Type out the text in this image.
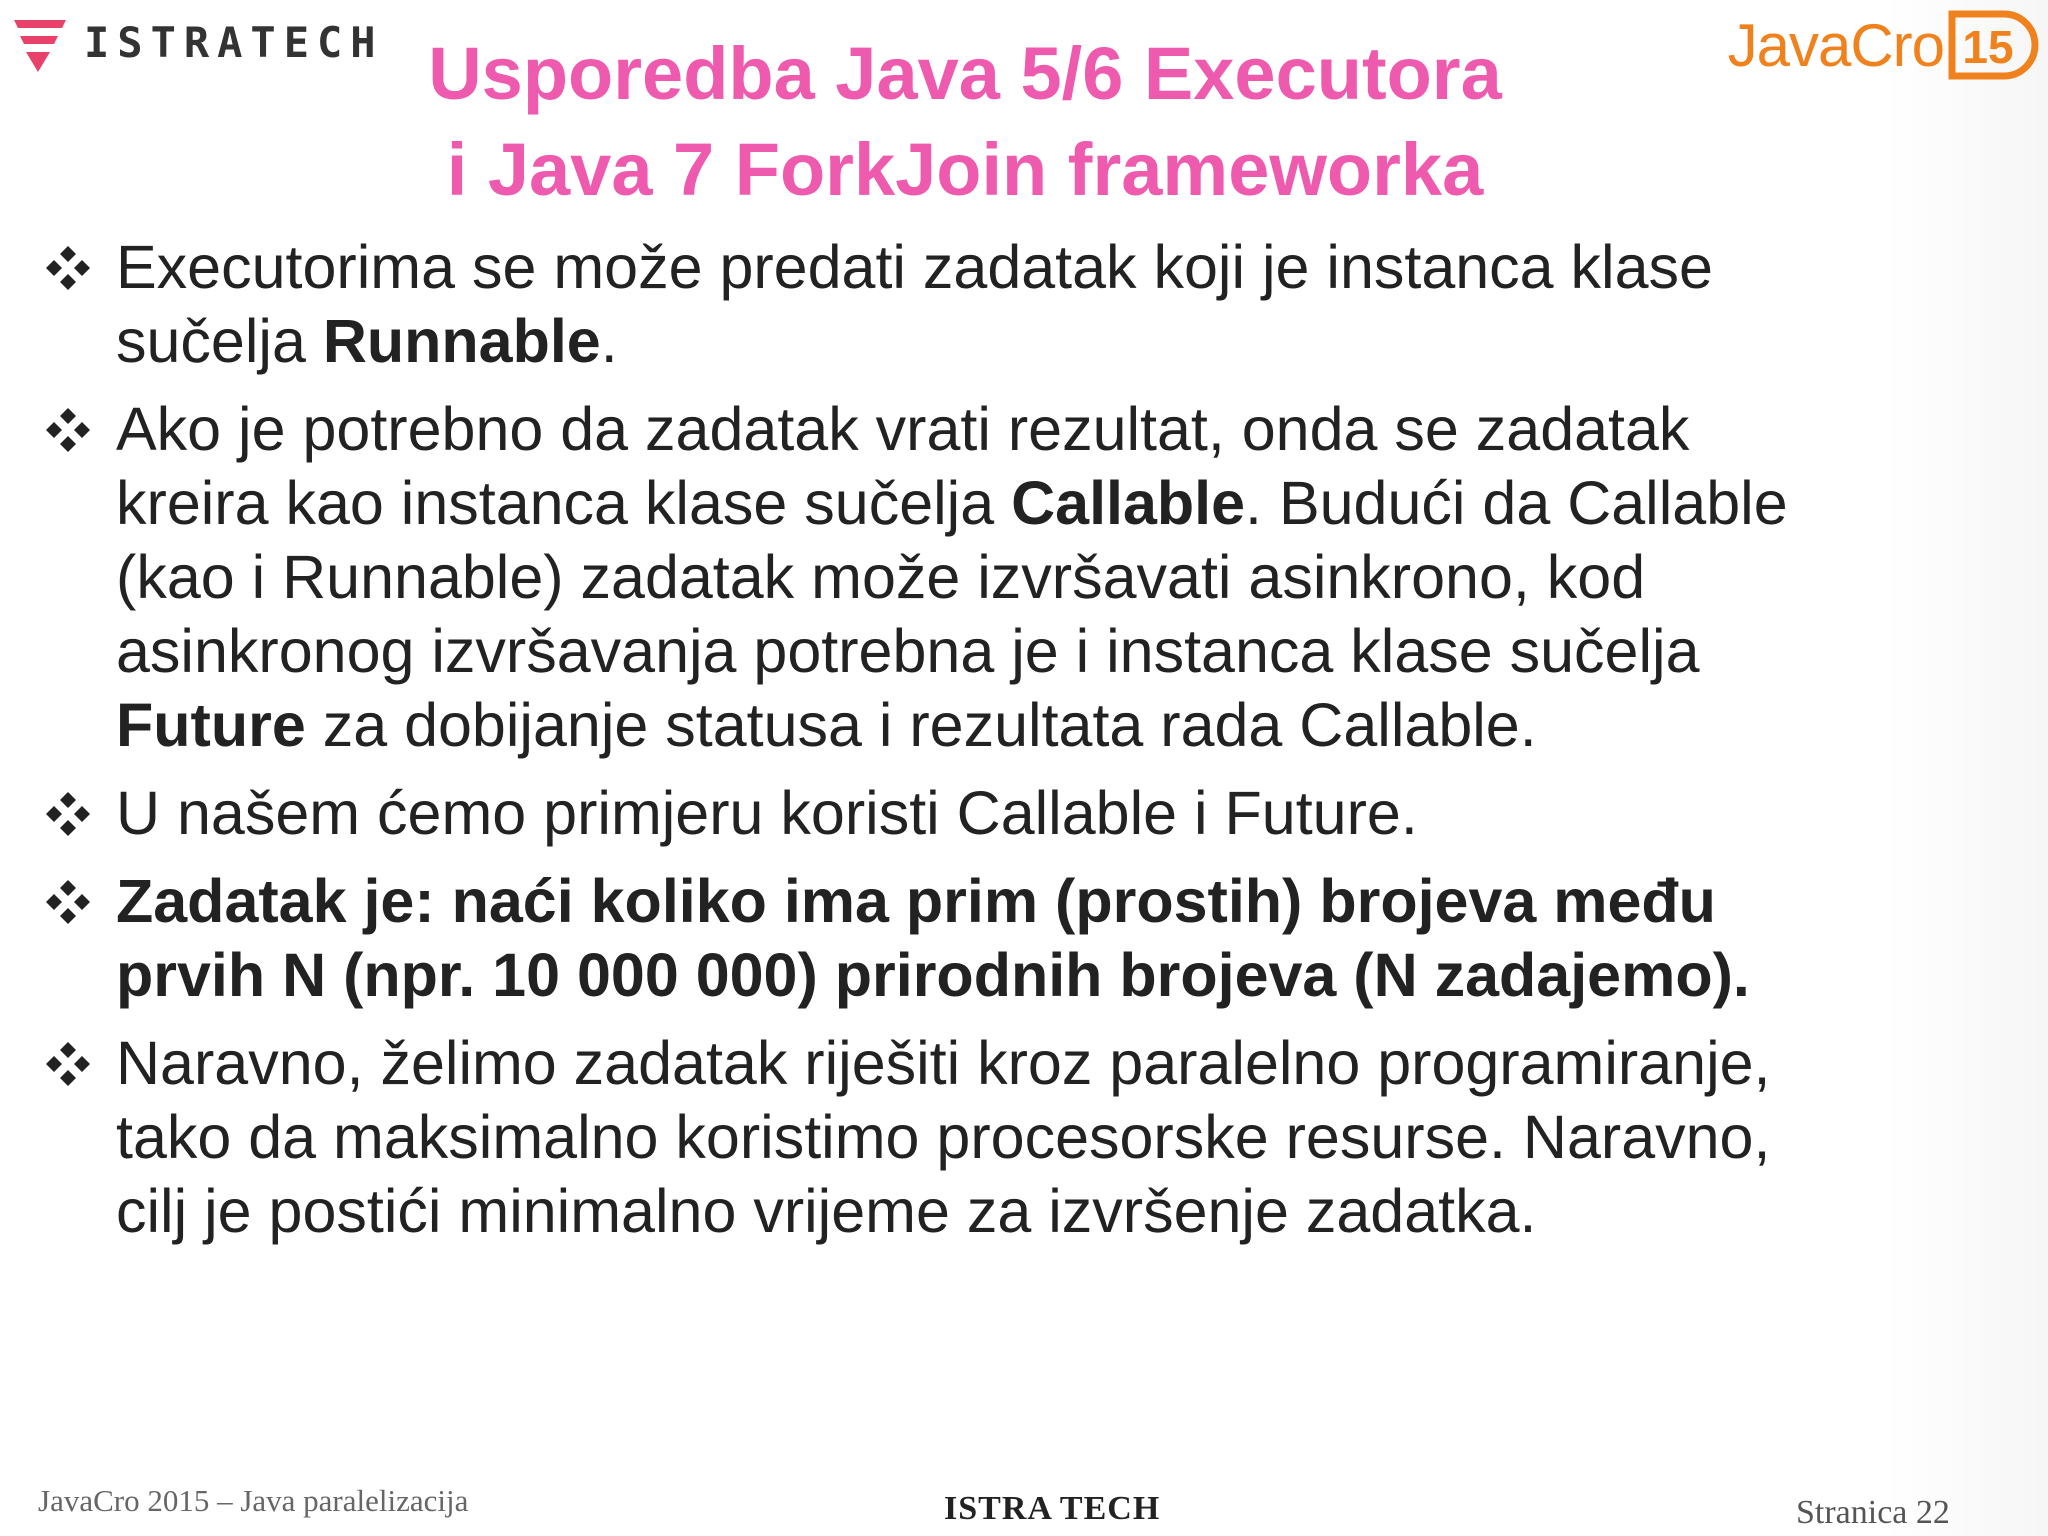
ISTRATECH	JavaCro 15
Usporedba Java 5/6 Executora
i Java 7 ForkJoin frameworka
Executorima se može predati zadatak koji je instanca klase
sučelja Runnable.
Ako je potrebno da zadatak vrati rezultat, onda se zadatak
kreira kao instanca klase sučelja Callable. Budući da Callable
(kao i Runnable) zadatak može izvršavati asinkrono, kod
asinkronog izvršavanja potrebna je i instanca klase sučelja
Future za dobijanje statusa i rezultata rada Callable.
U našem ćemo primjeru koristi Callable i Future.
Zadatak je: naći koliko ima prim (prostih) brojeva među
prvih N (npr. 10 000 000) prirodnih brojeva (N zadajemo).
Naravno, želimo zadatak riješiti kroz paralelno programiranje,
tako da maksimalno koristimo procesorske resurse. Naravno,
cilj je postići minimalno vrijeme za izvršenje zadatka.
JavaCro 2015 – Java paralelizacija	ISTRA TECH	Stranica 22
